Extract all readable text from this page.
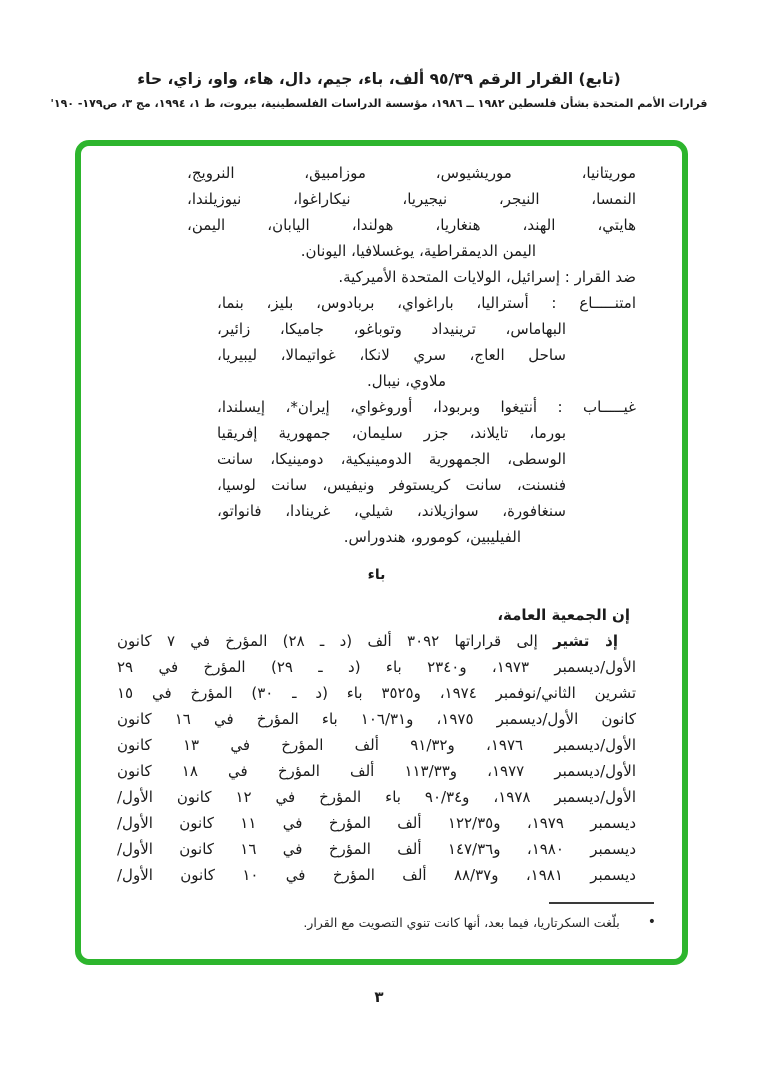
(تابع) القرار الرقم ٩٥/٣٩ ألف، باء، جيم، دال، هاء، واو، زاي، حاء
قرارات الأمم المتحدة بشأن فلسطين ١٩٨٢ ــ ١٩٨٦، مؤسسة الدراسات الفلسطينية، بيروت، ط ١، ١٩٩٤، مج ٣، ص١٧٩- ١٩٠'
موريتانيا، موريشيوس، موزامبيق، النرويج،
النمسا، النيجر، نيجيريا، نيكاراغوا، نيوزيلندا،
هايتي، الهند، هنغاريا، هولندا، اليابان، اليمن،
اليمن الديمقراطية، يوغسلافيا، اليونان.
ضد القرار : إسرائيل، الولايات المتحدة الأميركية.
امتنـــــاع : أستراليا، باراغواي، بربادوس، بليز، بنما،
البهاماس، ترينيداد وتوباغو، جاميكا، زائير،
ساحل العاج، سري لانكا، غواتيمالا، ليبيريا،
ملاوي، نيبال.
غيـــــاب : أنتيغوا وبربودا، أوروغواي، إيران*، إيسلندا،
بورما، تايلاند، جزر سليمان، جمهورية إفريقيا
الوسطى، الجمهورية الدومينيكية، دومينيكا، سانت
فنسنت، سانت كريستوفر ونيفيس، سانت لوسيا،
سنغافورة، سوازيلاند، شيلي، غرينادا، فانواتو،
الفيليبين، كومورو، هندوراس.
باء
إن الجمعية العامة،
إذ تشير إلى قراراتها ٣٠٩٢ ألف (د ـ ٢٨) المؤرخ في ٧ كانون
الأول/ديسمبر ١٩٧٣، و٢٣٤٠ باء (د ـ ٢٩) المؤرخ في ٢٩
تشرين الثاني/نوفمبر ١٩٧٤، و٣٥٢٥ باء (د ـ ٣٠) المؤرخ في ١٥
كانون الأول/ديسمبر ١٩٧٥، و١٠٦/٣١ باء المؤرخ في ١٦ كانون
الأول/ديسمبر ١٩٧٦، و٩١/٣٢ ألف المؤرخ في ١٣ كانون
الأول/ديسمبر ١٩٧٧، و١١٣/٣٣ ألف المؤرخ في ١٨ كانون
الأول/ديسمبر ١٩٧٨، و٩٠/٣٤ باء المؤرخ في ١٢ كانون الأول/
ديسمبر ١٩٧٩، و١٢٢/٣٥ ألف المؤرخ في ١١ كانون الأول/
ديسمبر ١٩٨٠، و١٤٧/٣٦ ألف المؤرخ في ١٦ كانون الأول/
ديسمبر ١٩٨١، و٨٨/٣٧ ألف المؤرخ في ١٠ كانون الأول/
•بلّغت السكرتاريا، فيما بعد، أنها كانت تنوي التصويت مع القرار.
٣
